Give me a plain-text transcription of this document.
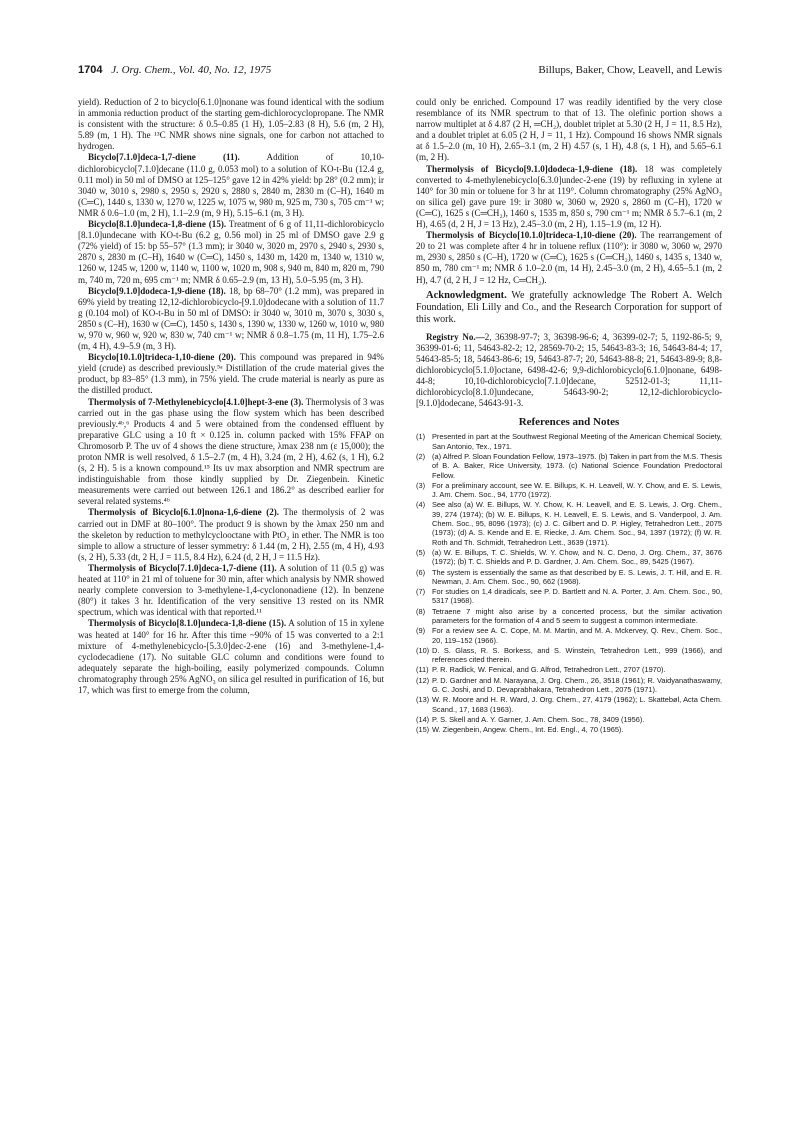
1704 J. Org. Chem., Vol. 40, No. 12, 1975	Billups, Baker, Chow, Leavell, and Lewis

yield). Reduction of 2 to bicyclo[6.1.0]nonane was found identical with the sodium in ammonia reduction product of the starting gem-dichlorocyclopropane. The NMR is consistent with the structure: δ 0.5–0.85 (1 H), 1.05–2.83 (8 H), 5.6 (m, 2 H), 5.89 (m, 1 H). The ¹³C NMR shows nine signals, one for carbon not attached to hydrogen.

Bicyclo[7.1.0]deca-1,7-diene (11).	Addition of 10,10-dichlorobicyclo[7.1.0]decane (11.0 g, 0.053 mol) to a solution of KO-t-Bu (12.4 g, 0.11 mol) in 50 ml of DMSO at 125–125° gave 12 in 42% yield: bp 28° (0.2 mm); ir 3040 w, 3010 s, 2980 s, 2950 s, 2920 s, 2880 s, 2840 m, 2830 m (C–H), 1640 m (C═C), 1440 s, 1330 w, 1270 w, 1225 w, 1075 w, 980 m, 925 m, 730 s, 705 cm⁻¹ w; NMR δ 0.6–1.0 (m, 2 H), 1.1–2.9 (m, 9 H), 5.15–6.1 (m, 3 H).

Bicyclo[8.1.0]undeca-1,8-diene (15). Treatment of 6 g of 11,11-dichlorobicyclo [8.1.0]undecane with KO-t-Bu (6.2 g, 0.56 mol) in 25 ml of DMSO gave 2.9 g (72% yield) of 15: bp 55–57° (1.3 mm); ir 3040 w, 3020 m, 2970 s, 2940 s, 2930 s, 2870 s, 2830 m (C–H), 1640 w (C═C), 1450 s, 1430 m, 1420 m, 1340 w, 1310 w, 1260 w, 1245 w, 1200 w, 1140 w, 1100 w, 1020 m, 908 s, 940 m, 840 m, 820 m, 790 m, 740 m, 720 m, 695 cm⁻¹ m; NMR δ 0.65–2.9 (m, 13 H), 5.0–5.95 (m, 3 H).

Bicyclo[9.1.0]dodeca-1,9-diene (18). 18, bp 68–70° (1.2 mm), was prepared in 69% yield by treating 12,12-dichlorobicyclo-[9.1.0]dodecane with a solution of 11.7 g (0.104 mol) of KO-t-Bu in 50 ml of DMSO: ir 3040 w, 3010 m, 3070 s, 3030 s, 2850 s (C–H), 1630 w (C═C), 1450 s, 1430 s, 1390 w, 1330 w, 1260 w, 1010 w, 980 w, 970 w, 960 w, 920 w, 830 w, 740 cm⁻¹ w; NMR δ 0.8–1.75 (m, 11 H), 1.75–2.6 (m, 4 H), 4.9–5.9 (m, 3 H).

Bicyclo[10.1.0]trideca-1,10-diene (20). This compound was prepared in 94% yield (crude) as described previously.⁵ᵃ Distillation of the crude material gives the product, bp 83–85° (1.3 mm), in 75% yield. The crude material is nearly as pure as the distilled product.

Thermolysis of 7-Methylenebicyclo[4.1.0]hept-3-ene (3). Thermolysis of 3 was carried out in the gas phase using the flow system which has been described previously.⁴ᵇ,⁶ Products 4 and 5 were obtained from the condensed effluent by preparative GLC using a 10 ft × 0.125 in. column packed with 15% FFAP on Chromosorb P. The uv of 4 shows the diene structure, λmax 238 nm (ε 15,000); the proton NMR is well resolved, δ 1.5–2.7 (m, 4 H), 3.24 (m, 2 H), 4.62 (s, 1 H), 6.2 (s, 2 H). 5 is a known compound.¹⁵ Its uv max absorption and NMR spectrum are indistinguishable from those kindly supplied by Dr. Ziegenbein. Kinetic measurements were carried out between 126.1 and 186.2° as described earlier for several related systems.⁴ᵇ

Thermolysis of Bicyclo[6.1.0]nona-1,6-diene (2). The thermolysis of 2 was carried out in DMF at 80–100°. The product 9 is shown by the λmax 250 nm and the skeleton by reduction to methylcyclooctane with PtO₂ in ether. The NMR is too simple to allow a structure of lesser symmetry: δ 1.44 (m, 2 H), 2.55 (m, 4 H), 4.93 (s, 2 H), 5.33 (dt, 2 H, J = 11.5, 8.4 Hz), 6.24 (d, 2 H, J = 11.5 Hz).

Thermolysis of Bicyclo[7.1.0]deca-1,7-diene (11). A solution of 11 (0.5 g) was heated at 110° in 21 ml of toluene for 30 min, after which analysis by NMR showed nearly complete conversion to 3-methylene-1,4-cyclononadiene (12). In benzene (80°) it takes 3 hr. Identification of the very sensitive 13 rested on its NMR spectrum, which was identical with that reported.¹¹

Thermolysis of Bicyclo[8.1.0]undeca-1,8-diene (15). A solution of 15 in xylene was heated at 140° for 16 hr. After this time ~90% of 15 was converted to a 2:1 mixture of 4-methylenebicyclo-[5.3.0]dec-2-ene (16) and 3-methylene-1,4-cyclodecadiene (17). No suitable GLC column and conditions were found to adequately separate the high-boiling, easily polymerized compounds. Column chromatography through 25% AgNO₃ on silica gel resulted in purification of 16, but 17, which was first to emerge from the column,

could only be enriched. Compound 17 was readily identified by the very close resemblance of its NMR spectrum to that of 13. The olefinic portion shows a narrow multiplet at δ 4.87 (2 H, ═CH₂), doublet triplet at 5.30 (2 H, J = 11, 8.5 Hz), and a doublet triplet at 6.05 (2 H, J = 11, 1 Hz). Compound 16 shows NMR signals at δ 1.5–2.0 (m, 10 H), 2.65–3.1 (m, 2 H) 4.57 (s, 1 H), 4.8 (s, 1 H), and 5.65–6.1 (m, 2 H).

Thermolysis of Bicyclo[9.1.0]dodeca-1,9-diene (18). 18 was completely converted to 4-methylenebicyclo[6.3.0]undec-2-ene (19) by refluxing in xylene at 140° for 30 min or toluene for 3 hr at 119°. Column chromatography (25% AgNO₃ on silica gel) gave pure 19: ir 3080 w, 3060 w, 2920 s, 2860 m (C–H), 1720 w (C═C), 1625 s (C═CH₂), 1460 s, 1535 m, 850 s, 790 cm⁻¹ m; NMR δ 5.7–6.1 (m, 2 H), 4.65 (d, 2 H, J = 13 Hz), 2.45–3.0 (m, 2 H), 1.15–1.9 (m, 12 H).

Thermolysis of Bicyclo[10.1.0]trideca-1,10-diene (20). The rearrangement of 20 to 21 was complete after 4 hr in toluene reflux (110°): ir 3080 w, 3060 w, 2970 m, 2930 s, 2850 s (C–H), 1720 w (C═C), 1625 s (C═CH₂), 1460 s, 1435 s, 1340 w, 850 m, 780 cm⁻¹ m; NMR δ 1.0–2.0 (m, 14 H), 2.45–3.0 (m, 2 H), 4.65–5.1 (m, 2 H), 4.7 (d, 2 H, J = 12 Hz, C═CH₂).

Acknowledgment. We gratefully acknowledge The Robert A. Welch Foundation, Eli Lilly and Co., and the Research Corporation for support of this work.

Registry No.—2, 36398-97-7; 3, 36398-96-6; 4, 36399-02-7; 5, 1192-86-5; 9, 36399-01-6; 11, 54643-82-2; 12, 28569-70-2; 15, 54643-83-3; 16, 54643-84-4; 17, 54643-85-5; 18, 54643-86-6; 19, 54643-87-7; 20, 54643-88-8; 21, 54643-89-9; 8,8-dichlorobicyclo[5.1.0]octane, 6498-42-6; 9,9-dichlorobicyclo[6.1.0]nonane, 6498-44-8; 10,10-dichlorobicyclo[7.1.0]decane, 52512-01-3; 11,11-dichlorobicyclo[8.1.0]undecane, 54643-90-2; 12,12-dichlorobicyclo-[9.1.0]dodecane, 54643-91-3.

References and Notes
(1) Presented in part at the Southwest Regional Meeting of the American Chemical Society, San Antonio, Tex., 1971.
(2) (a) Alfred P. Sloan Foundation Fellow, 1973–1975. (b) Taken in part from the M.S. Thesis of B. A. Baker, Rice University, 1973. (c) National Science Foundation Predoctoral Fellow.
(3) For a preliminary account, see W. E. Billups, K. H. Leavell, W. Y. Chow, and E. S. Lewis, J. Am. Chem. Soc., 94, 1770 (1972).
(4) See also (a) W. E. Billups, W. Y. Chow, K. H. Leavell, and E. S. Lewis, J. Org. Chem., 39, 274 (1974); (b) W. E. Billups, K. H. Leavell, E. S. Lewis, and S. Vanderpool, J. Am. Chem. Soc., 95, 8096 (1973); (c) J. C. Gilbert and D. P. Higley, Tetrahedron Lett., 2075 (1973); (d) A. S. Kende and E. E. Riecke, J. Am. Chem. Soc., 94, 1397 (1972); (f) W. R. Roth and Th. Schmidt, Tetrahedron Lett., 3639 (1971).
(5) (a) W. E. Billups, T. C. Shields, W. Y. Chow, and N. C. Deno, J. Org. Chem., 37, 3676 (1972); (b) T. C. Shields and P. D. Gardner, J. Am. Chem. Soc., 89, 5425 (1967).
(6) The system is essentially the same as that described by E. S. Lewis, J. T. Hill, and E. R. Newman, J. Am. Chem. Soc., 90, 662 (1968).
(7) For studies on 1,4 diradicals, see P. D. Bartlett and N. A. Porter, J. Am. Chem. Soc., 90, 5317 (1968).
(8) Tetraene 7 might also arise by a concerted process, but the similar activation parameters for the formation of 4 and 5 seem to suggest a common intermediate.
(9) For a review see A. C. Cope, M. M. Martin, and M. A. Mckervey, Q. Rev., Chem. Soc., 20, 119–152 (1966).
(10) D. S. Glass, R. S. Borkess, and S. Winstein, Tetrahedron Lett., 999 (1966), and references cited therein.
(11) P. R. Radlick, W. Fenical, and G. Alfrod, Tetrahedron Lett., 2707 (1970).
(12) P. D. Gardner and M. Narayana, J. Org. Chem., 26, 3518 (1961); R. Vaidyanathaswamy, G. C. Joshi, and D. Devaprabhakara, Tetrahedron Lett., 2075 (1971).
(13) W. R. Moore and H. R. Ward, J. Org. Chem., 27, 4179 (1962); L. Skattebøl, Acta Chem. Scand., 17, 1683 (1963).
(14) P. S. Skell and A. Y. Garner, J. Am. Chem. Soc., 78, 3409 (1956).
(15) W. Ziegenbein, Angew. Chem., Int. Ed. Engl., 4, 70 (1965).
